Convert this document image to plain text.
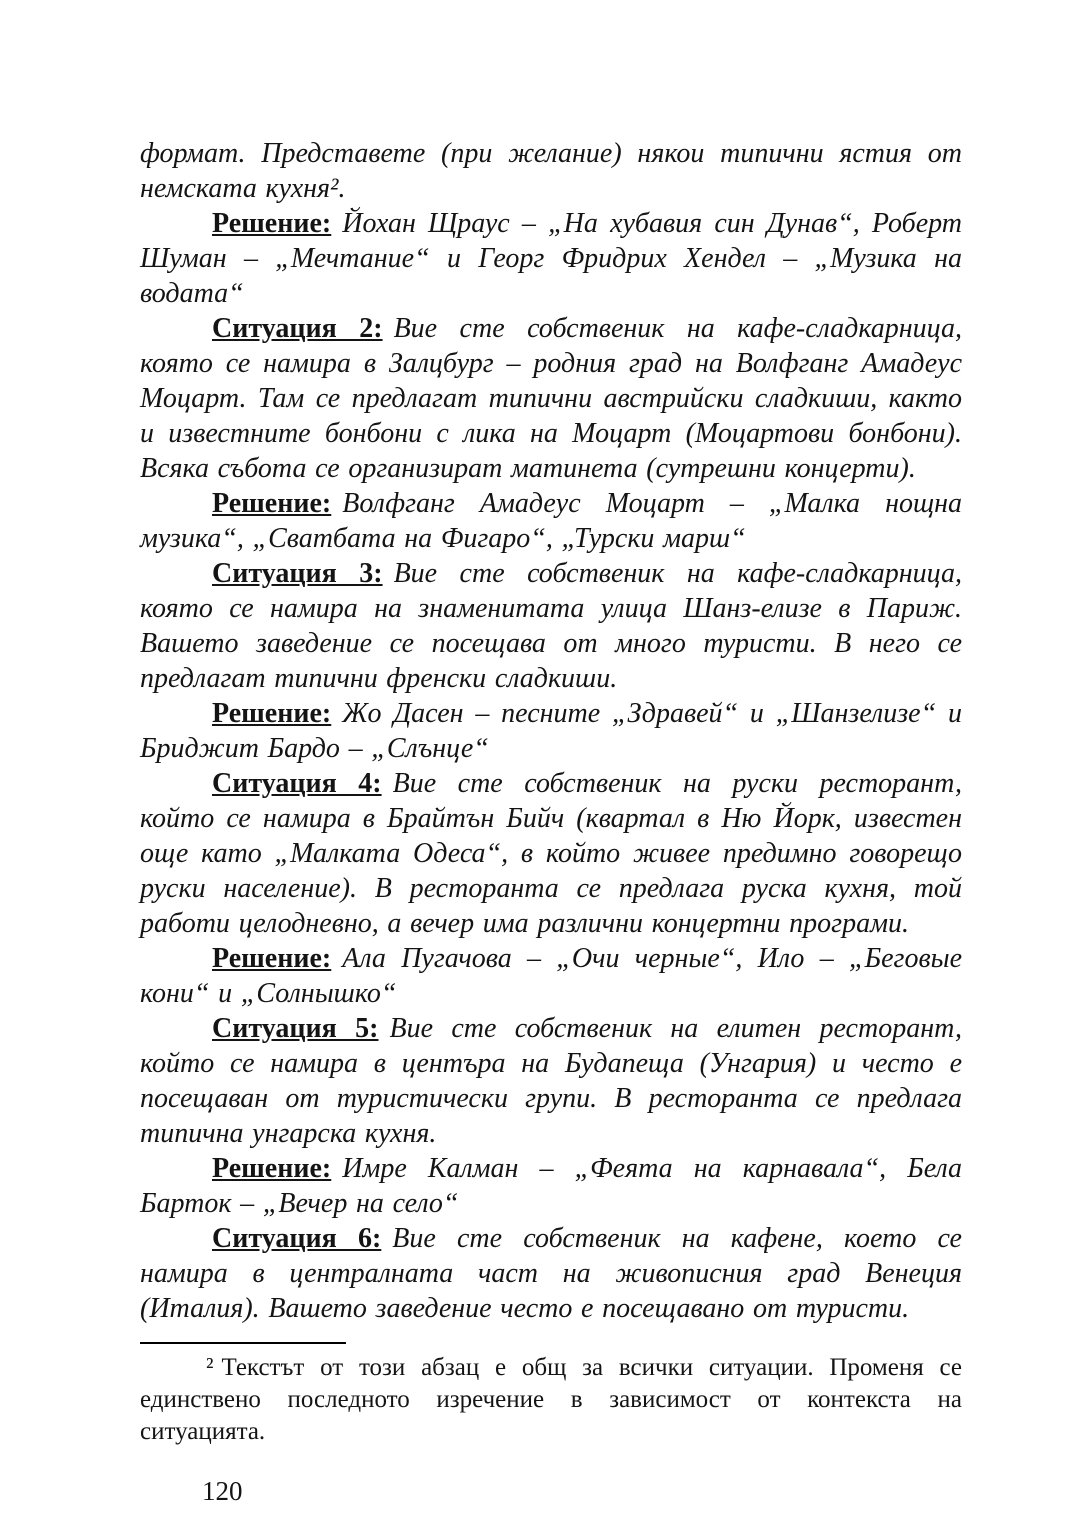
формат. Представете (при желание) някои типични ястия от немската кухня².

Решение: Йохан Щраус – „На хубавия син Дунав“, Роберт Шуман – „Мечтание“ и Георг Фридрих Хендел – „Музика на водата“

Ситуация 2: Вие сте собственик на кафе-сладкарница, която се намира в Залцбург – родния град на Волфганг Амадеус Моцарт. Там се предлагат типични австрийски сладкиши, както и известните бонбони с лика на Моцарт (Моцартови бонбони). Всяка събота се организират матинета (сутрешни концерти).

Решение: Волфганг Амадеус Моцарт – „Малка нощна музика“, „Сватбата на Фигаро“, „Турски марш“

Ситуация 3: Вие сте собственик на кафе-сладкарница, която се намира на знаменитата улица Шанз-елизе в Париж. Вашето заведение се посещава от много туристи. В него се предлагат типични френски сладкиши.

Решение: Жо Дасен – песните „Здравей“ и „Шанзелизе“ и Бриджит Бардо – „Слънце“

Ситуация 4: Вие сте собственик на руски ресторант, който се намира в Брайтън Бийч (квартал в Ню Йорк, известен още като „Малката Одеса“, в който живее предимно говорещо руски население). В ресторанта се предлага руска кухня, той работи целодневно, а вечер има различни концертни програми.

Решение: Ала Пугачова – „Очи черные“, Ило – „Беговые кони“ и „Солнышко“

Ситуация 5: Вие сте собственик на елитен ресторант, който се намира в центъра на Будапеща (Унгария) и често е посещаван от туристически групи. В ресторанта се предлага типична унгарска кухня.

Решение: Имре Калман – „Феята на карнавала“, Бела Барток – „Вечер на село“

Ситуация 6: Вие сте собственик на кафене, което се намира в централната част на живописния град Венеция (Италия). Вашето заведение често е посещавано от туристи.

² Текстът от този абзац е общ за всички ситуации. Променя се единствено последното изречение в зависимост от контекста на ситуацията.

120
